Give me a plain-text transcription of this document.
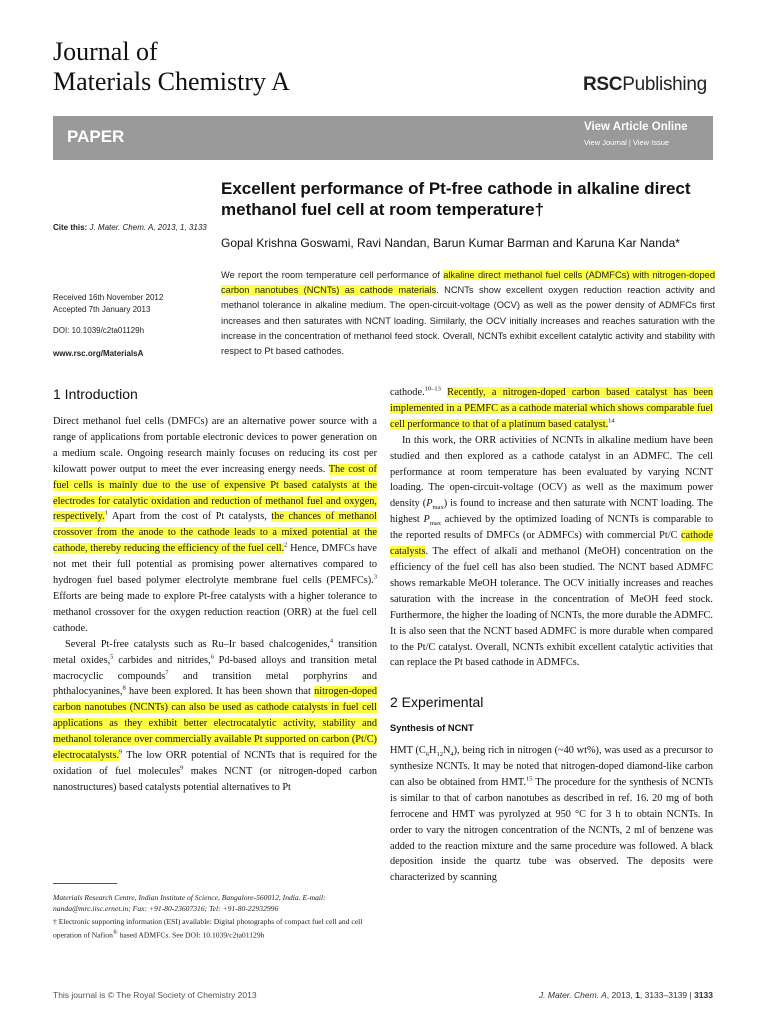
Journal of
Materials Chemistry A	RSCPublishing
PAPER	View Article Online
View Journal | View Issue
Excellent performance of Pt-free cathode in alkaline direct methanol fuel cell at room temperature†
Gopal Krishna Goswami, Ravi Nandan, Barun Kumar Barman and Karuna Kar Nanda*
Cite this: J. Mater. Chem. A, 2013, 1, 3133
Received 16th November 2012
Accepted 7th January 2013
DOI: 10.1039/c2ta01129h
www.rsc.org/MaterialsA
We report the room temperature cell performance of alkaline direct methanol fuel cells (ADMFCs) with nitrogen-doped carbon nanotubes (NCNTs) as cathode materials. NCNTs show excellent oxygen reduction reaction activity and methanol tolerance in alkaline medium. The open-circuit-voltage (OCV) as well as the power density of ADMFCs first increases and then saturates with NCNT loading. Similarly, the OCV initially increases and reaches saturation with the increase in the concentration of methanol feed stock. Overall, NCNTs exhibit excellent catalytic activity and stability with respect to Pt based cathodes.
1 Introduction

Direct methanol fuel cells (DMFCs) are an alternative power source with a range of applications from portable electronic devices to power generation on a medium scale. Ongoing research mainly focuses on reducing its cost per kilowatt power output to meet the ever increasing energy needs. The cost of fuel cells is mainly due to the use of expensive Pt based catalysts at the electrodes for catalytic oxidation and reduction of methanol fuel and oxygen, respectively.$^1$ Apart from the cost of Pt catalysts, the chances of methanol crossover from the anode to the cathode leads to a mixed potential at the cathode, thereby reducing the efficiency of the fuel cell.$^2$ Hence, DMFCs have not met their full potential as promising power alternatives compared to hydrogen fuel based polymer electrolyte membrane fuel cells (PEMFCs).$^3$ Efforts are being made to explore Pt-free catalysts with a higher tolerance to methanol crossover for the oxygen reduction reaction (ORR) at the fuel cell cathode.

Several Pt-free catalysts such as Ru–Ir based chalcogenides,$^4$ transition metal oxides,$^5$ carbides and nitrides,$^6$ Pd-based alloys and transition metal macrocyclic compounds$^7$ and transition metal porphyrins and phthalocyanines,$^8$ have been explored. It has been shown that nitrogen-doped carbon nanotubes (NCNTs) can also be used as cathode catalysts in fuel cell applications as they exhibit better electrocatalytic activity, stability and methanol tolerance over commercially available Pt supported on carbon (Pt/C) electrocatalysts.$^9$ The low ORR potential of NCNTs that is required for the oxidation of fuel molecules$^9$ makes NCNT (or nitrogen-doped carbon nanostructures) based catalysts potential alternatives to Pt

Materials Research Centre, Indian Institute of Science, Bangalore-560012, India. E-mail: nanda@mrc.iisc.ernet.in; Fax: +91-80-23607316; Tel: +91-80-22932996

† Electronic supporting information (ESI) available: Digital photographs of compact fuel cell and cell operation of Nafion® based ADMFCs. See DOI: 10.1039/c2ta01129h

cathode.$^{10-13}$ Recently, a nitrogen-doped carbon based catalyst has been implemented in a PEMFC as a cathode material which shows comparable fuel cell performance to that of a platinum based catalyst.$^{14}$

In this work, the ORR activities of NCNTs in alkaline medium have been studied and then explored as a cathode catalyst in an ADMFC. The cell performance at room temperature has been evaluated by varying NCNT loading. The open-circuit-voltage (OCV) as well as the maximum power density $(P_{max})$ is found to increase and then saturate with NCNT loading. The highest $P_{max}$ achieved by the optimized loading of NCNTs is comparable to the reported results of DMFCs (or ADMFCs) with commercial Pt/C cathode catalysts. The effect of alkali and methanol (MeOH) concentration on the efficiency of the fuel cell has also been studied. The NCNT based ADMFC shows remarkable MeOH tolerance. The OCV initially increases and reaches saturation with the increase in the concentration of MeOH feed stock. Furthermore, the higher the loading of NCNTs, the more durable the ADMFC. It is also seen that the NCNT based ADMFC is more durable when compared to the Pt/C catalyst. Overall, NCNTs exhibit excellent catalytic activities that can replace the Pt based cathode in ADMFCs.

2 Experimental
Synthesis of NCNT

HMT $(C_6H_{12}N_4)$, being rich in nitrogen (~40 wt%), was used as a precursor to synthesize NCNTs. It may be noted that nitrogen-doped diamond-like carbon can also be obtained from HMT.$^{15}$ The procedure for the synthesis of NCNTs is similar to that of carbon nanotubes as described in ref. 16. 20 mg of both ferrocene and HMT was pyrolyzed at 950 °C for 3 h to obtain NCNTs. In order to vary the nitrogen concentration of the NCNTs, 2 ml of benzene was added to the reaction mixture and the same procedure was followed. A black deposition inside the quartz tube was observed. The deposits were characterized by scanning

This journal is © The Royal Society of Chemistry 2013	J. Mater. Chem. A, 2013, 1, 3133–3139 | 3133
